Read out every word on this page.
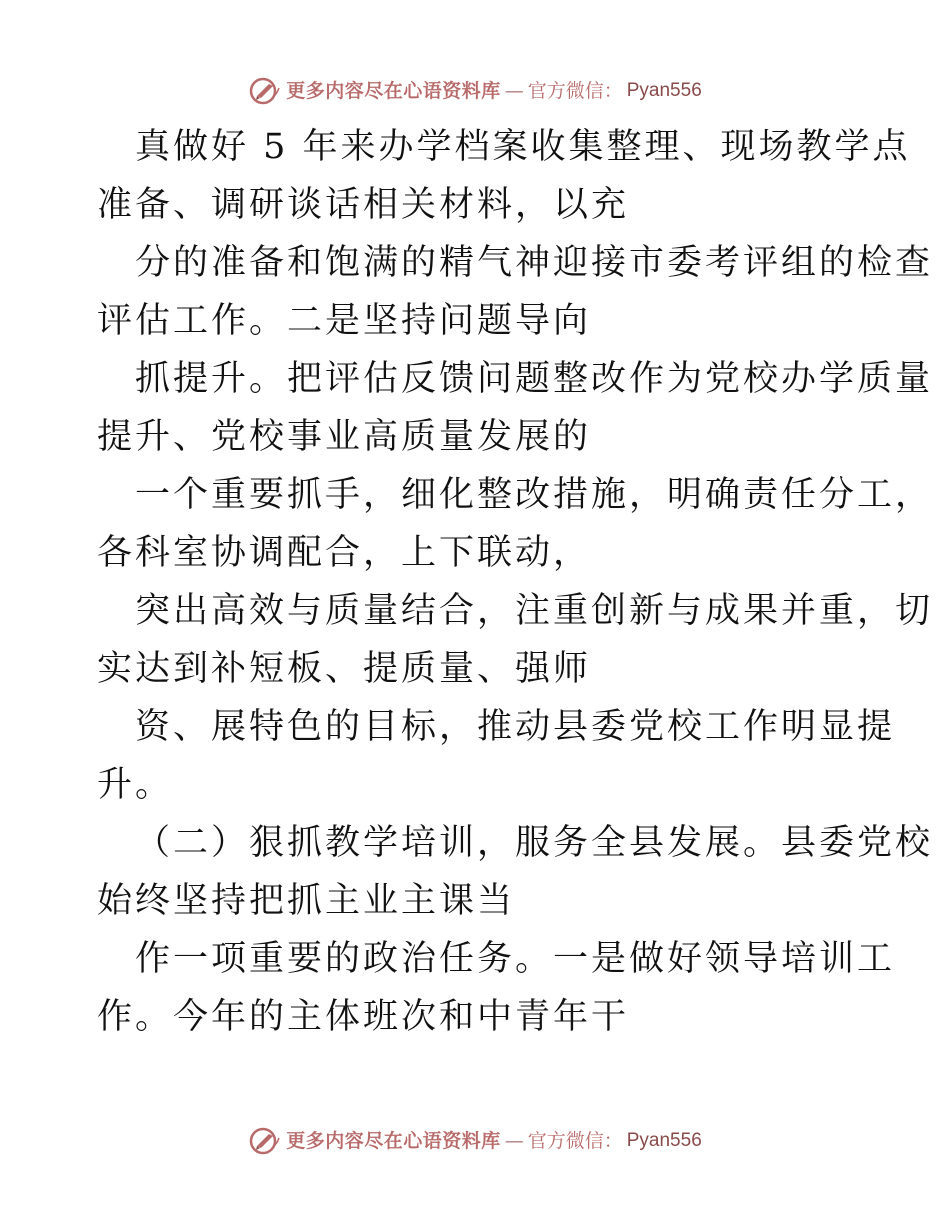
更多内容尽在心语资料库 — 官方微信： Pyan556

真做好 5 年来办学档案收集整理、现场教学点
准备、调研谈话相关材料，以充

分的准备和饱满的精气神迎接市委考评组的检查
评估工作。二是坚持问题导向

抓提升。把评估反馈问题整改作为党校办学质量
提升、党校事业高质量发展的

一个重要抓手，细化整改措施，明确责任分工，
各科室协调配合，上下联动，

突出高效与质量结合，注重创新与成果并重，切
实达到补短板、提质量、强师

资、展特色的目标，推动县委党校工作明显提
升。

（二）狠抓教学培训，服务全县发展。县委党校
始终坚持把抓主业主课当

作一项重要的政治任务。一是做好领导培训工
作。今年的主体班次和中青年干

更多内容尽在心语资料库 — 官方微信： Pyan556
